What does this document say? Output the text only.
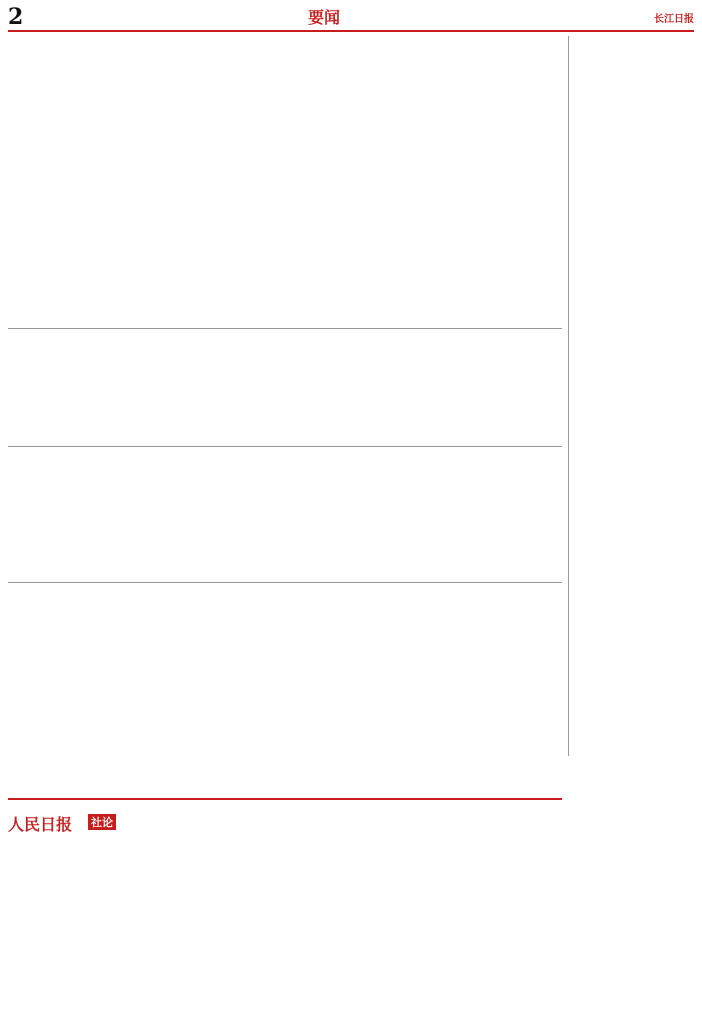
2	要闻	长江日报
人民日报 社论
